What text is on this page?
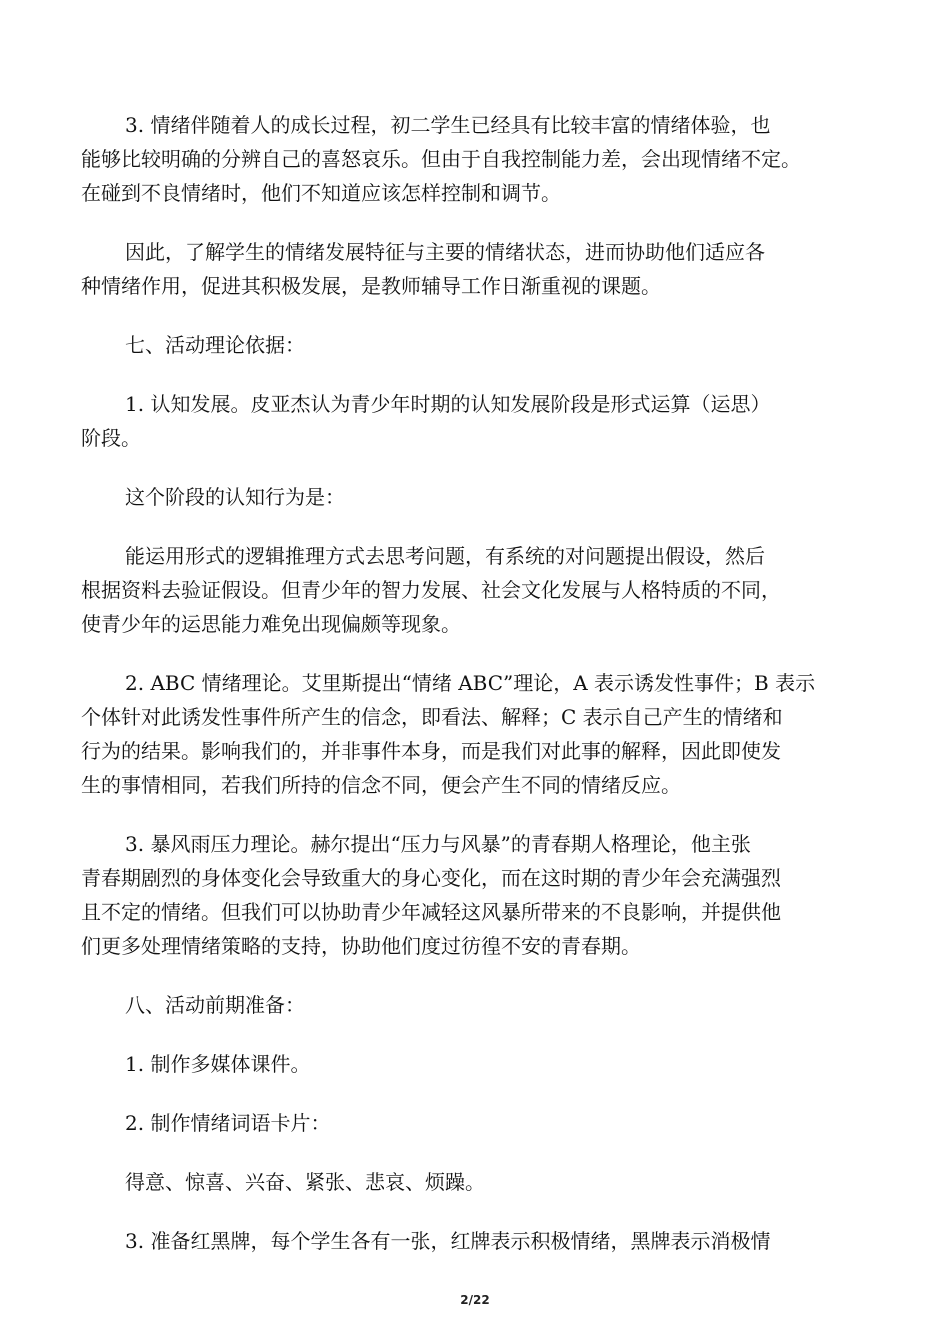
3. 情绪伴随着人的成长过程，初二学生已经具有比较丰富的情绪体验，也
能够比较明确的分辨自己的喜怒哀乐。但由于自我控制能力差，会出现情绪不定。
在碰到不良情绪时，他们不知道应该怎样控制和调节。
因此，了解学生的情绪发展特征与主要的情绪状态，进而协助他们适应各
种情绪作用，促进其积极发展，是教师辅导工作日渐重视的课题。
七、活动理论依据：
1. 认知发展。皮亚杰认为青少年时期的认知发展阶段是形式运算（运思）
阶段。
这个阶段的认知行为是：
能运用形式的逻辑推理方式去思考问题，有系统的对问题提出假设，然后
根据资料去验证假设。但青少年的智力发展、社会文化发展与人格特质的不同，
使青少年的运思能力难免出现偏颇等现象。
2. ABC 情绪理论。艾里斯提出“情绪 ABC”理论，A 表示诱发性事件；B 表示
个体针对此诱发性事件所产生的信念，即看法、解释；C 表示自己产生的情绪和
行为的结果。影响我们的，并非事件本身，而是我们对此事的解释，因此即使发
生的事情相同，若我们所持的信念不同，便会产生不同的情绪反应。
3. 暴风雨压力理论。赫尔提出“压力与风暴”的青春期人格理论，他主张
青春期剧烈的身体变化会导致重大的身心变化，而在这时期的青少年会充满强烈
且不定的情绪。但我们可以协助青少年减轻这风暴所带来的不良影响，并提供他
们更多处理情绪策略的支持，协助他们度过彷徨不安的青春期。
八、活动前期准备：
1. 制作多媒体课件。
2. 制作情绪词语卡片：
得意、惊喜、兴奋、紧张、悲哀、烦躁。
3. 准备红黑牌，每个学生各有一张，红牌表示积极情绪，黑牌表示消极情
2/22
